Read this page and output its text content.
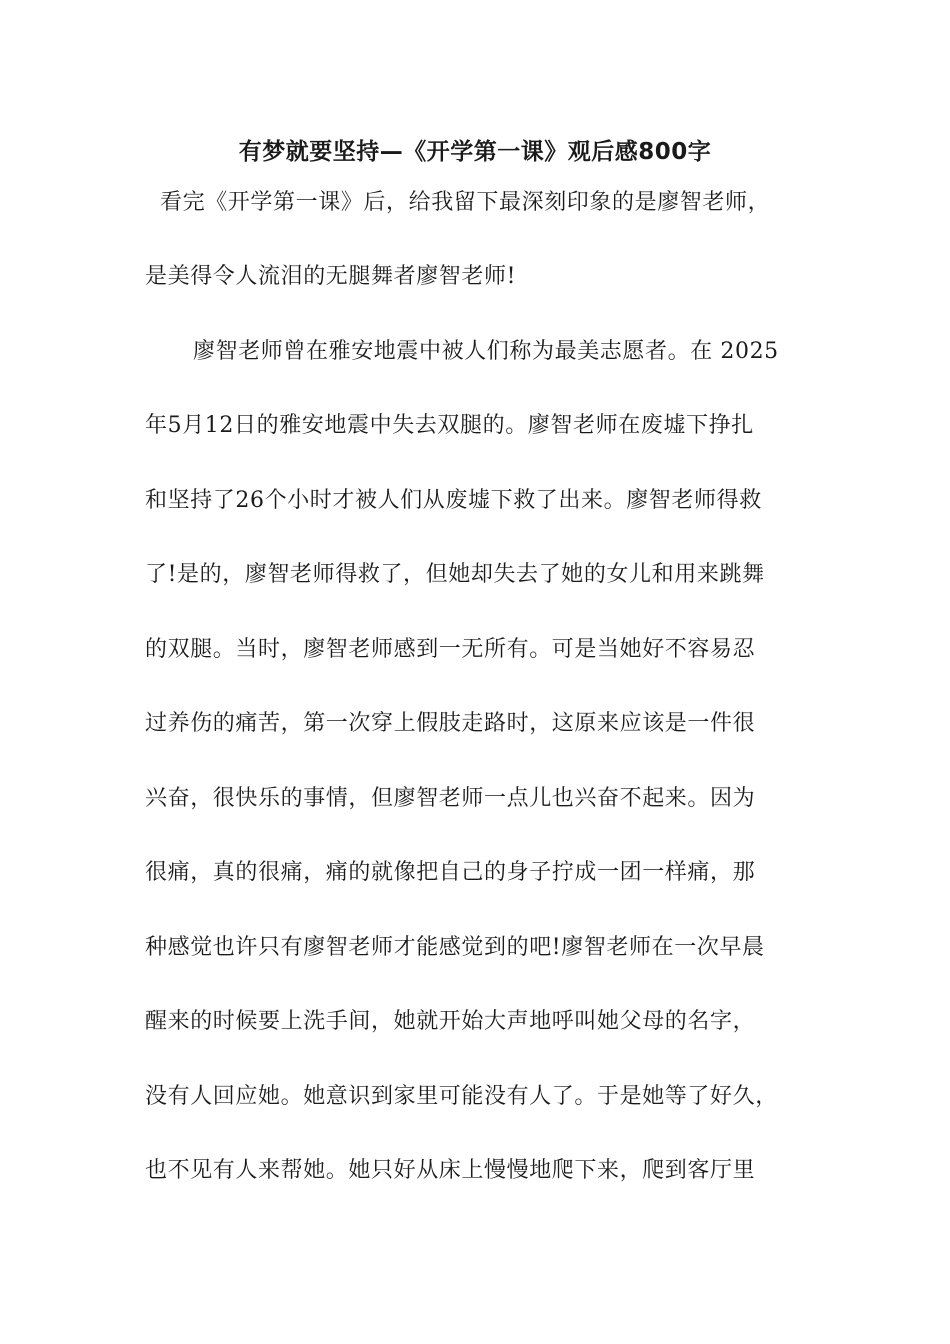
有梦就要坚持—《开学第一课》观后感800字
看完《开学第一课》后，给我留下最深刻印象的是廖智老师，
是美得令人流泪的无腿舞者廖智老师!
廖智老师曾在雅安地震中被人们称为最美志愿者。在 2025
年5月12日的雅安地震中失去双腿的。廖智老师在废墟下挣扎
和坚持了26个小时才被人们从废墟下救了出来。廖智老师得救
了!是的，廖智老师得救了，但她却失去了她的女儿和用来跳舞
的双腿。当时，廖智老师感到一无所有。可是当她好不容易忍
过养伤的痛苦，第一次穿上假肢走路时，这原来应该是一件很
兴奋，很快乐的事情，但廖智老师一点儿也兴奋不起来。因为
很痛，真的很痛，痛的就像把自己的身子拧成一团一样痛，那
种感觉也许只有廖智老师才能感觉到的吧!廖智老师在一次早晨
醒来的时候要上洗手间，她就开始大声地呼叫她父母的名字，
没有人回应她。她意识到家里可能没有人了。于是她等了好久，
也不见有人来帮她。她只好从床上慢慢地爬下来，爬到客厅里
